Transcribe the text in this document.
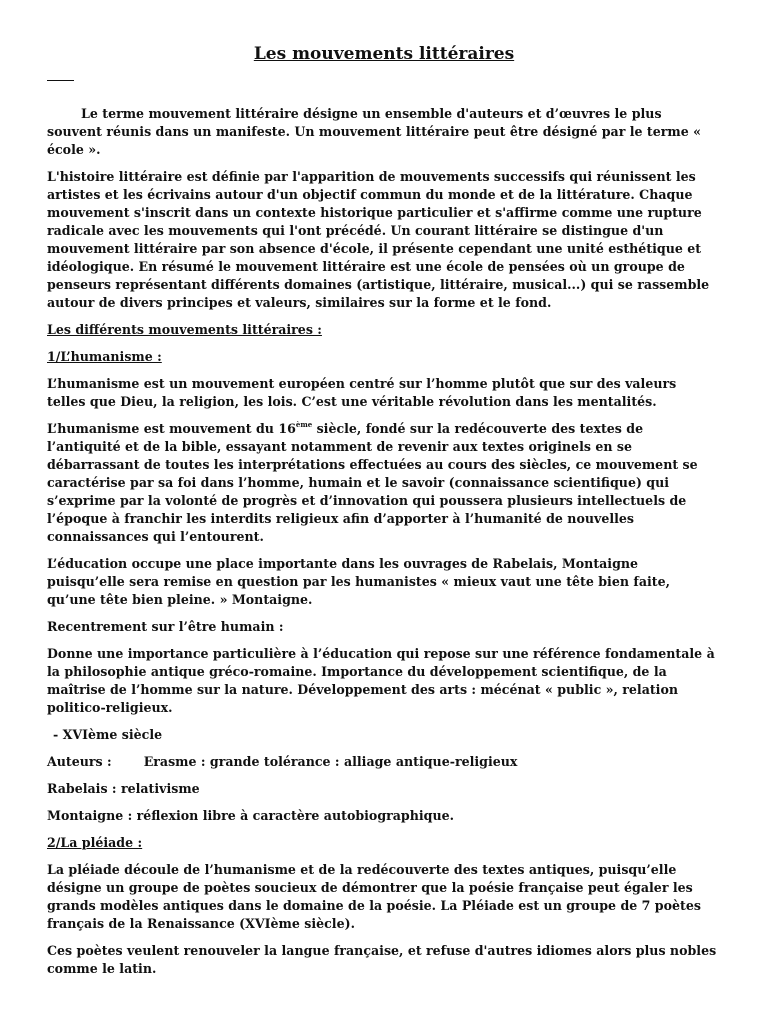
Les mouvements littéraires

Le terme mouvement littéraire désigne un ensemble d'auteurs et d’œuvres le plus souvent réunis dans un manifeste. Un mouvement littéraire peut être désigné par le terme « école ».

L'histoire littéraire est définie par l'apparition de mouvements successifs qui réunissent les artistes et les écrivains autour d'un objectif commun du monde et de la littérature. Chaque mouvement s'inscrit dans un contexte historique particulier et s'affirme comme une rupture radicale avec les mouvements qui l'ont précédé. Un courant littéraire se distingue d'un mouvement littéraire par son absence d'école, il présente cependant une unité esthétique et idéologique. En résumé le mouvement littéraire est une école de pensées où un groupe de penseurs représentant différents domaines (artistique, littéraire, musical...) qui se rassemble autour de divers principes et valeurs, similaires sur la forme et le fond.

Les différents mouvements littéraires :

1/L’humanisme :

L’humanisme est un mouvement européen centré sur l’homme plutôt que sur des valeurs telles que Dieu, la religion, les lois. C’est une véritable révolution dans les mentalités.

L’humanisme est mouvement du 16ème siècle, fondé sur la redécouverte des textes de l’antiquité et de la bible, essayant notamment de revenir aux textes originels en se débarrassant de toutes les interprétations effectuées au cours des siècles, ce mouvement se caractérise par sa foi dans l’homme, humain et le savoir (connaissance scientifique) qui s’exprime par la volonté de progrès et d’innovation qui poussera plusieurs intellectuels de l’époque à franchir les interdits religieux afin d’apporter à l’humanité de nouvelles connaissances qui l’entourent.

L’éducation occupe une place importante dans les ouvrages de Rabelais, Montaigne puisqu’elle sera remise en question par les humanistes « mieux vaut une tête bien faite, qu’une tête bien pleine. » Montaigne.

Recentrement sur l’être humain :

Donne une importance particulière à l’éducation qui repose sur une référence fondamentale à la philosophie antique gréco-romaine. Importance du développement scientifique, de la maîtrise de l’homme sur la nature. Développement des arts : mécénat « public », relation politico-religieux.

- XVIème siècle

Auteurs :	Erasme : grande tolérance : alliage antique-religieux

Rabelais : relativisme

Montaigne : réflexion libre à caractère autobiographique.

2/La pléiade :

La pléiade découle de l’humanisme et de la redécouverte des textes antiques, puisqu’elle désigne un groupe de poètes soucieux de démontrer que la poésie française peut égaler les grands modèles antiques dans le domaine de la poésie. La Pléiade est un groupe de 7 poètes français de la Renaissance (XVIème siècle).

Ces poètes veulent renouveler la langue française, et refuse d'autres idiomes alors plus nobles comme le latin.
